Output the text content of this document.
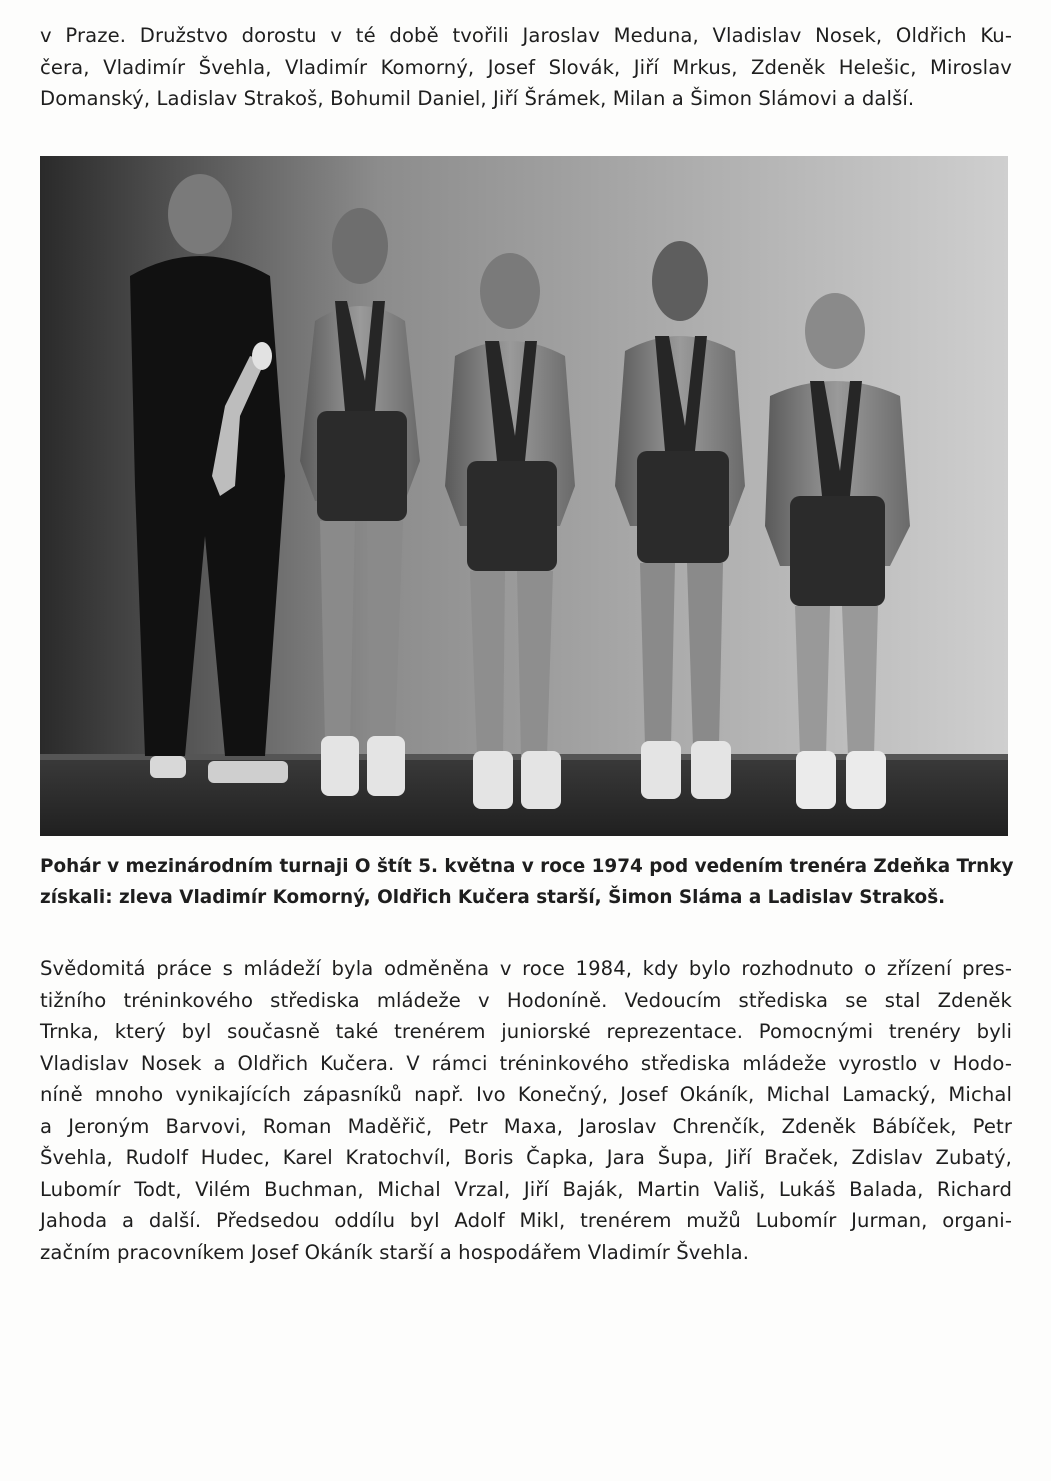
v Praze. Družstvo dorostu v té době tvořili Jaroslav Meduna, Vladislav Nosek, Oldřich Ku-
čera, Vladimír Švehla, Vladimír Komorný, Josef Slovák, Jiří Mrkus, Zdeněk Helešic, Miroslav
Domanský, Ladislav Strakoš, Bohumil Daniel, Jiří Šrámek, Milan a Šimon Slámovi a další.
Pohár v mezinárodním turnaji O štít 5. května v roce 1974 pod vedením trenéra Zdeňka Trnky
získali: zleva Vladimír Komorný, Oldřich Kučera starší, Šimon Sláma a Ladislav Strakoš.
Svědomitá práce s mládeží byla odměněna v roce 1984, kdy bylo rozhodnuto o zřízení pres-
tižního tréninkového střediska mládeže v Hodoníně. Vedoucím střediska se stal Zdeněk
Trnka, který byl současně také trenérem juniorské reprezentace. Pomocnými trenéry byli
Vladislav Nosek a Oldřich Kučera. V rámci tréninkového střediska mládeže vyrostlo v Hodo-
níně mnoho vynikajících zápasníků např. Ivo Konečný, Josef Okáník, Michal Lamacký, Michal
a Jeroným Barvovi, Roman Maděřič, Petr Maxa, Jaroslav Chrenčík, Zdeněk Bábíček, Petr
Švehla, Rudolf Hudec, Karel Kratochvíl, Boris Čapka, Jara Šupa, Jiří Braček, Zdislav Zubatý,
Lubomír Todt, Vilém Buchman, Michal Vrzal, Jiří Baják, Martin Vališ, Lukáš Balada, Richard
Jahoda a další. Předsedou oddílu byl Adolf Mikl, trenérem mužů Lubomír Jurman, organi-
začním pracovníkem Josef Okáník starší a hospodářem Vladimír Švehla.
